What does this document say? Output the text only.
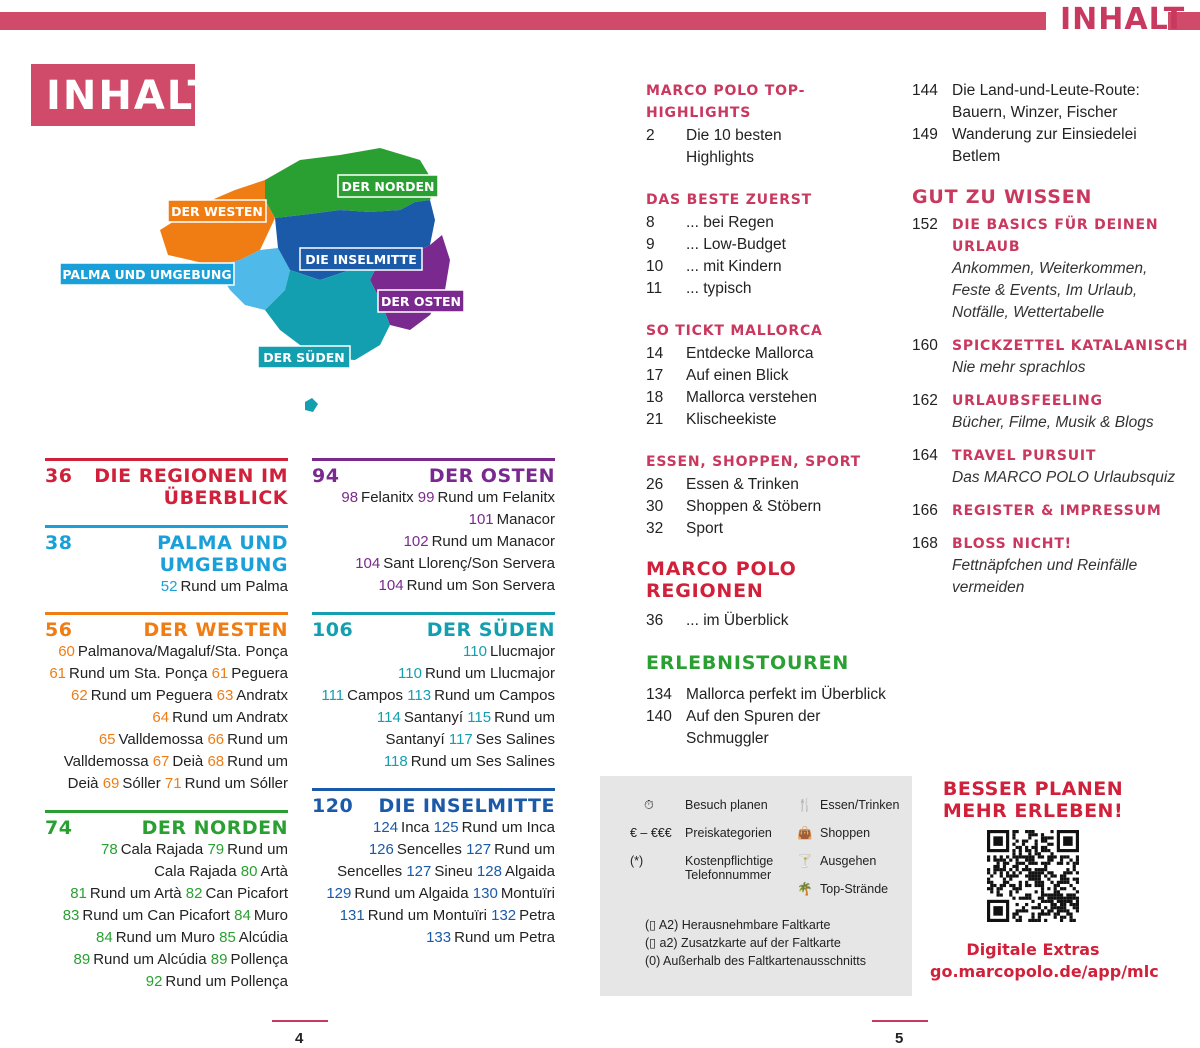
INHALT
INHALT
DER WESTEN
DER NORDEN
PALMA UND UMGEBUNG
DIE INSELMITTE
DER OSTEN
DER SÜDEN
36 DIE REGIONEN IM
ÜBERBLICK
94	DER OSTEN
98 Felanitx 99 Rund um Felanitx
101 Manacor
102 Rund um Manacor
104 Sant Llorenç/Son Servera
104 Rund um Son Servera
38	PALMA UND
UMGEBUNG
52 Rund um Palma
56	DER WESTEN
60 Palmanova/Magaluf/Sta. Ponça
61 Rund um Sta. Ponça 61 Peguera
62 Rund um Peguera 63 Andratx
64 Rund um Andratx
65 Valldemossa 66 Rund um
Valldemossa 67 Deià 68 Rund um
Deià 69 Sóller 71 Rund um Sóller
106	DER SÜDEN
110 Llucmajor
110 Rund um Llucmajor
111 Campos 113 Rund um Campos
114 Santanyí 115 Rund um
Santanyí 117 Ses Salines
118 Rund um Ses Salines
74	DER NORDEN
78 Cala Rajada 79 Rund um
Cala Rajada 80 Artà
81 Rund um Artà 82 Can Picafort
83 Rund um Can Picafort 84 Muro
84 Rund um Muro 85 Alcúdia
89 Rund um Alcúdia 89 Pollença
92 Rund um Pollença
120 DIE INSELMITTE
124 Inca 125 Rund um Inca
126 Sencelles 127 Rund um
Sencelles 127 Sineu 128 Algaida
129 Rund um Algaida 130 Montuïri
131 Rund um Montuïri 132 Petra
133 Rund um Petra
MARCO POLO TOP-HIGHLIGHTS
2	Die 10 besten
Highlights
DAS BESTE ZUERST
8	... bei Regen
9	... Low-Budget
10	... mit Kindern
11	... typisch
SO TICKT MALLORCA
14	Entdecke Mallorca
17	Auf einen Blick
18	Mallorca verstehen
21	Klischeekiste
ESSEN, SHOPPEN, SPORT
26	Essen & Trinken
30	Shoppen & Stöbern
32	Sport
MARCO POLO REGIONEN
36	... im Überblick
ERLEBNISTOUREN
134 Mallorca perfekt im Überblick
140 Auf den Spuren der
Schmuggler
144 Die Land-und-Leute-Route:
Bauern, Winzer, Fischer
149 Wanderung zur Einsiedelei
Betlem
GUT ZU WISSEN
152	DIE BASICS FÜR DEINEN
URLAUB
Ankommen, Weiterkommen,
Feste & Events, Im Urlaub,
Notfälle, Wettertabelle
160	SPICKZETTEL KATALANISCH
Nie mehr sprachlos
162	URLAUBSFEELING
Bücher, Filme, Musik & Blogs
164	TRAVEL PURSUIT
Das MARCO POLO Urlaubsquiz
166	REGISTER & IMPRESSUM
168	BLOSS NICHT!
Fettnäpfchen und Reinfälle
vermeiden
⏱	Besuch planen
€ – €€€	Preiskategorien
(*)	Kostenpflichtige Telefonnummer
🍴 Essen/Trinken
👜 Shoppen
🍸 Ausgehen
🌴 Top-Strände
(▯ A2) Herausnehmbare Faltkarte
(▯ a2) Zusatzkarte auf der Faltkarte
(0) Außerhalb des Faltkartenausschnitts
BESSER PLANEN
MEHR ERLEBEN!
Digitale Extras
go.marcopolo.de/app/mlc
4	5
